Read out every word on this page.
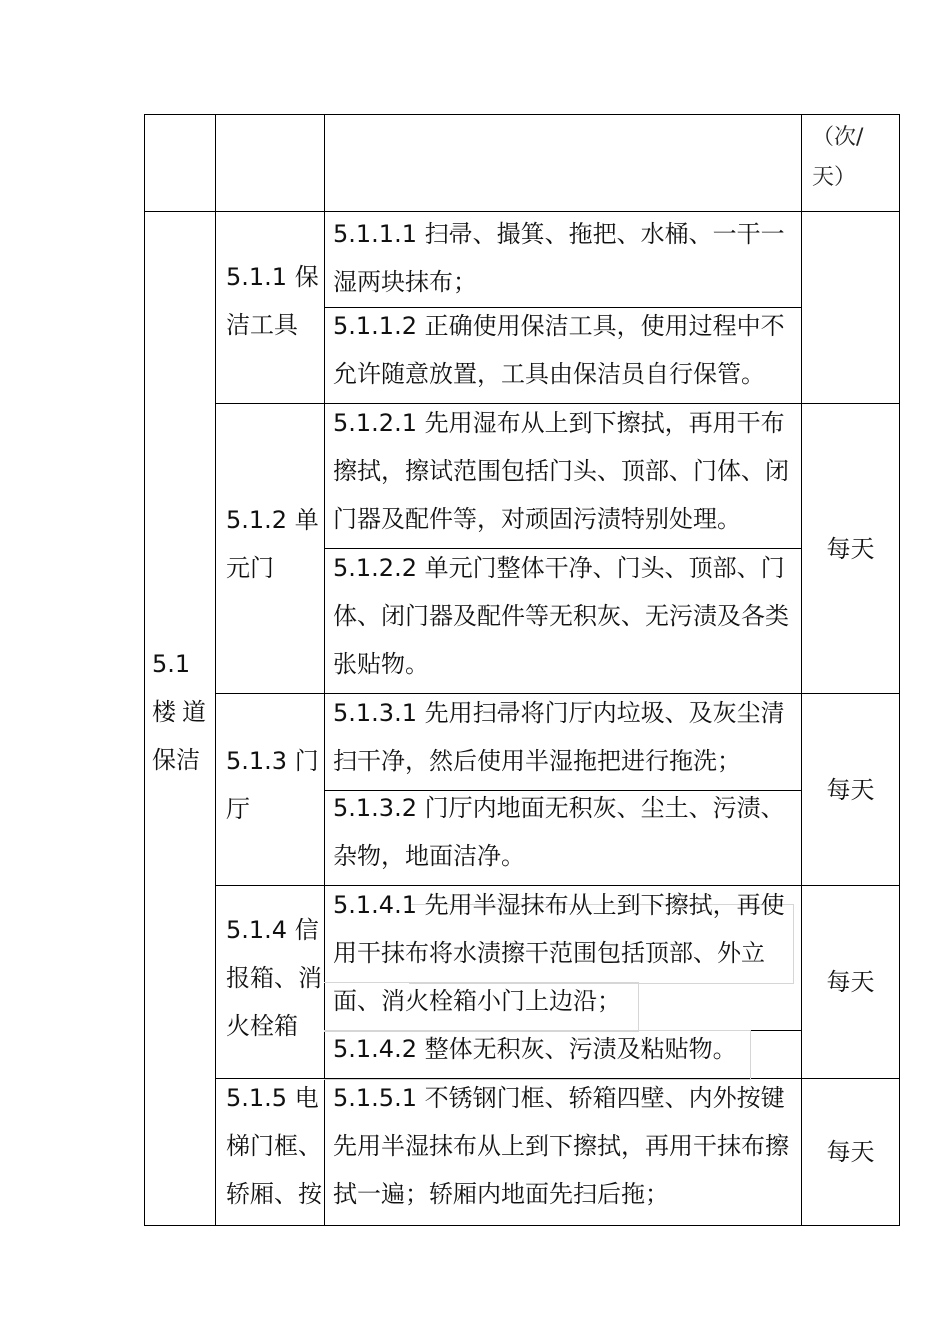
（次/
天）
5.1
楼道
保洁
5.1.1 保洁工具
5.1.1.1 扫帚、撮箕、拖把、水桶、一干一湿两块抹布；
5.1.1.2 正确使用保洁工具，使用过程中不允许随意放置，工具由保洁员自行保管。
5.1.2 单元门
5.1.2.1 先用湿布从上到下擦拭，再用干布擦拭，擦试范围包括门头、顶部、门体、闭门器及配件等，对顽固污渍特别处理。
5.1.2.2 单元门整体干净、门头、顶部、门体、闭门器及配件等无积灰、无污渍及各类张贴物。
每天
5.1.3 门厅
5.1.3.1 先用扫帚将门厅内垃圾、及灰尘清扫干净，然后使用半湿拖把进行拖洗；
5.1.3.2 门厅内地面无积灰、尘土、污渍、杂物，地面洁净。
每天
5.1.4 信报箱、消火栓箱
5.1.4.1 先用半湿抹布从上到下擦拭，再使用干抹布将水渍擦干范围包括顶部、外立面、消火栓箱小门上边沿；
5.1.4.2 整体无积灰、污渍及粘贴物。
每天
5.1.5 电梯门框、轿厢、按
5.1.5.1 不锈钢门框、轿箱四壁、内外按键先用半湿抹布从上到下擦拭，再用干抹布擦拭一遍；轿厢内地面先扫后拖；
每天
